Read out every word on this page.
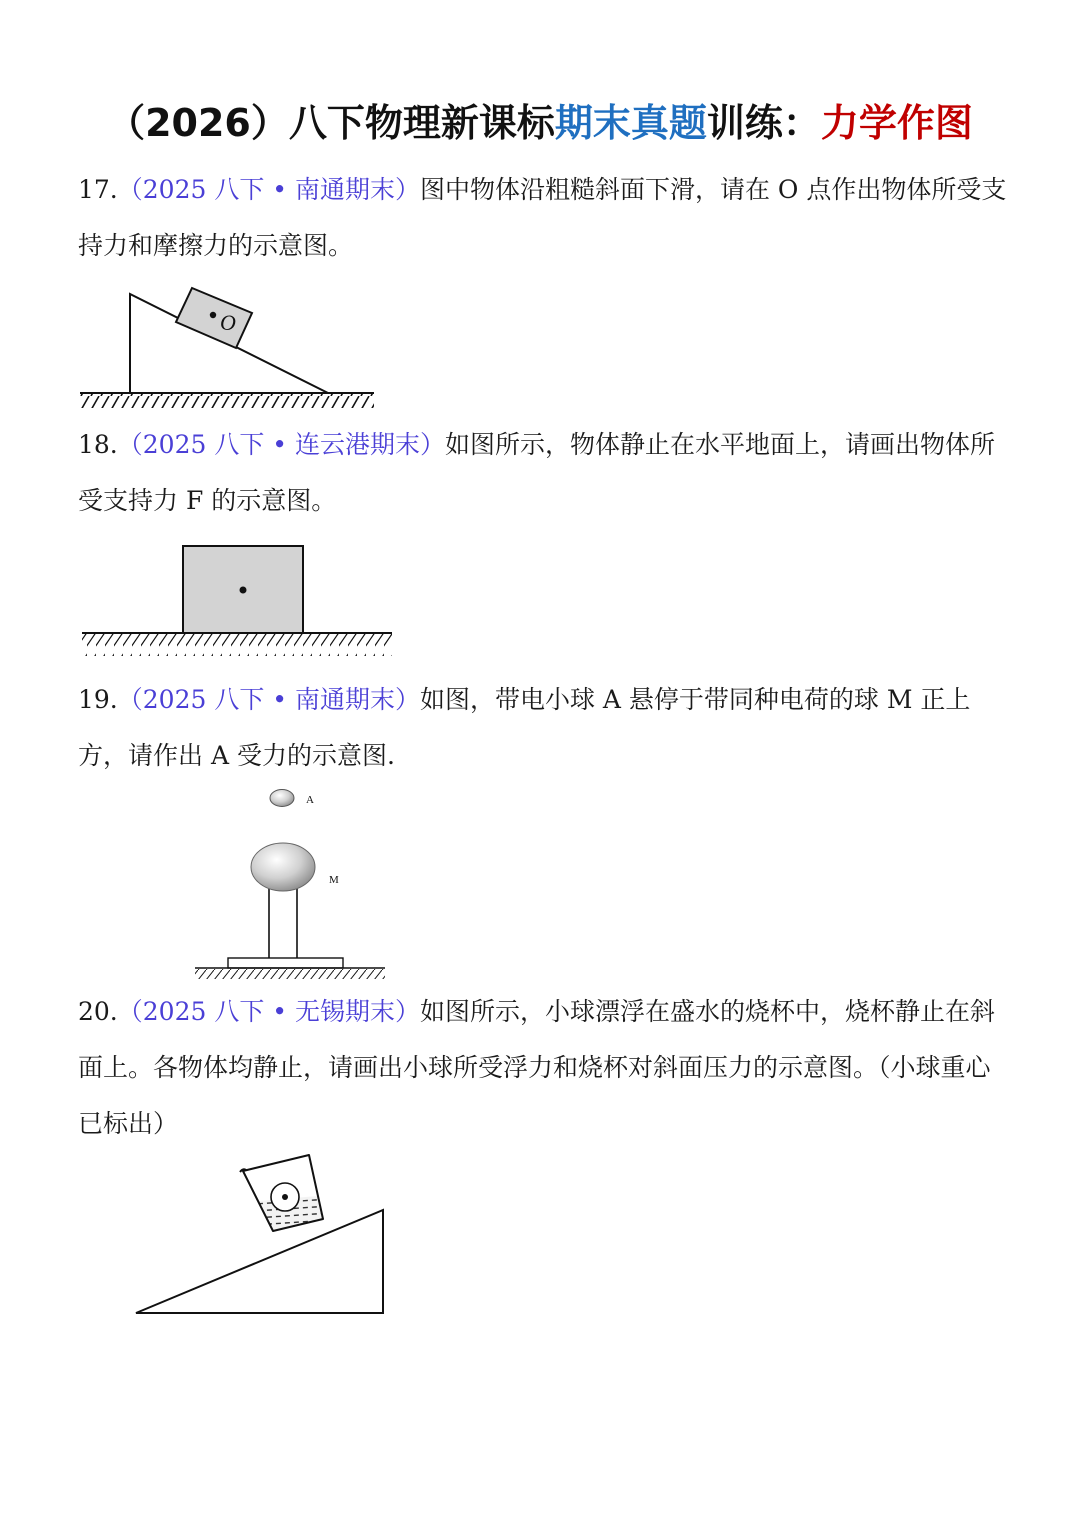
（2026）八下物理新课标期末真题训练：力学作图
17.（2025 八下 • 南通期末）图中物体沿粗糙斜面下滑，请在 O 点作出物体所受支持力和摩擦力的示意图。
O
18.（2025 八下 • 连云港期末）如图所示，物体静止在水平地面上，请画出物体所受支持力 F 的示意图。
19.（2025 八下 • 南通期末）如图，带电小球 A 悬停于带同种电荷的球 M 正上方，请作出 A 受力的示意图.
A
M
20.（2025 八下 • 无锡期末）如图所示，小球漂浮在盛水的烧杯中，烧杯静止在斜面上。各物体均静止，请画出小球所受浮力和烧杯对斜面压力的示意图。（小球重心已标出）
